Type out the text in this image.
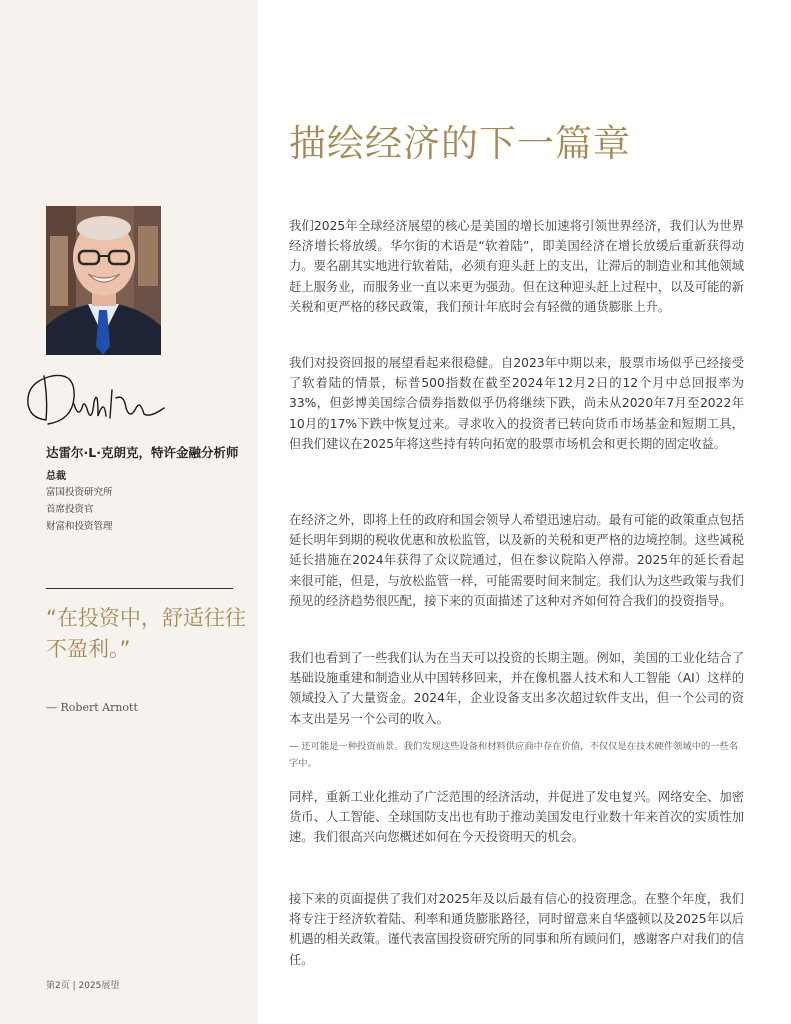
达雷尔·L·克朗克，特许金融分析师
总裁
富国投资研究所
首席投资官
财富和投资管理
“在投资中，舒适往往不盈利。”
— Robert Arnott
第2页 | 2025展望
描绘经济的下一篇章
我们2025年全球经济展望的核心是美国的增长加速将引领世界经济，我们认为世界经济增长将放缓。华尔街的术语是“软着陆”，即美国经济在增长放缓后重新获得动力。要名副其实地进行软着陆，必须有迎头赶上的支出，让滞后的制造业和其他领域赶上服务业，而服务业一直以来更为强劲。但在这种迎头赶上过程中，以及可能的新关税和更严格的移民政策，我们预计年底时会有轻微的通货膨胀上升。
我们对投资回报的展望看起来很稳健。自2023年中期以来，股票市场似乎已经接受了软着陆的情景，标普500指数在截至2024年12月2日的12个月中总回报率为33%，但彭博美国综合债券指数似乎仍将继续下跌，尚未从2020年7月至2022年10月的17%下跌中恢复过来。寻求收入的投资者已转向货币市场基金和短期工具，但我们建议在2025年将这些持有转向拓宽的股票市场机会和更长期的固定收益。
在经济之外，即将上任的政府和国会领导人希望迅速启动。最有可能的政策重点包括延长明年到期的税收优惠和放松监管，以及新的关税和更严格的边境控制。这些减税延长措施在2024年获得了众议院通过，但在参议院陷入停滞。2025年的延长看起来很可能，但是，与放松监管一样，可能需要时间来制定。我们认为这些政策与我们预见的经济趋势很匹配，接下来的页面描述了这种对齐如何符合我们的投资指导。
我们也看到了一些我们认为在当天可以投资的长期主题。例如，美国的工业化结合了基础设施重建和制造业从中国转移回来，并在像机器人技术和人工智能（AI）这样的领域投入了大量资金。2024年，企业设备支出多次超过软件支出，但一个公司的资本支出是另一个公司的收入。
— 还可能是一种投资前景。我们发现这些设备和材料供应商中存在价值，不仅仅是在技术硬件领域中的一些名字中。
同样，重新工业化推动了广泛范围的经济活动，并促进了发电复兴。网络安全、加密货币、人工智能、全球国防支出也有助于推动美国发电行业数十年来首次的实质性加速。我们很高兴向您概述如何在今天投资明天的机会。
接下来的页面提供了我们对2025年及以后最有信心的投资理念。在整个年度，我们将专注于经济软着陆、利率和通货膨胀路径，同时留意来自华盛顿以及2025年以后机遇的相关政策。谨代表富国投资研究所的同事和所有顾问们，感谢客户对我们的信任。
